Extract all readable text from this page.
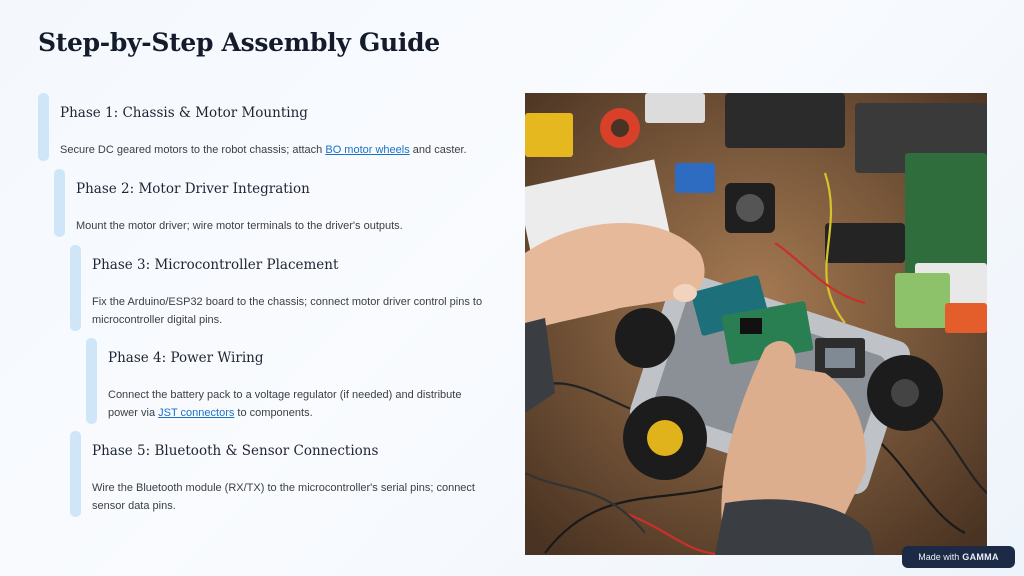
Step-by-Step Assembly Guide
Phase 1: Chassis & Motor Mounting

Secure DC geared motors to the robot chassis; attach BO motor wheels and caster.

Phase 2: Motor Driver Integration

Mount the motor driver; wire motor terminals to the driver's outputs.

Phase 3: Microcontroller Placement

Fix the Arduino/ESP32 board to the chassis; connect motor driver control pins to microcontroller digital pins.

Phase 4: Power Wiring

Connect the battery pack to a voltage regulator (if needed) and distribute power via JST connectors to components.

Phase 5: Bluetooth & Sensor Connections

Wire the Bluetooth module (RX/TX) to the microcontroller's serial pins; connect sensor data pins.

Made with GAMMA
